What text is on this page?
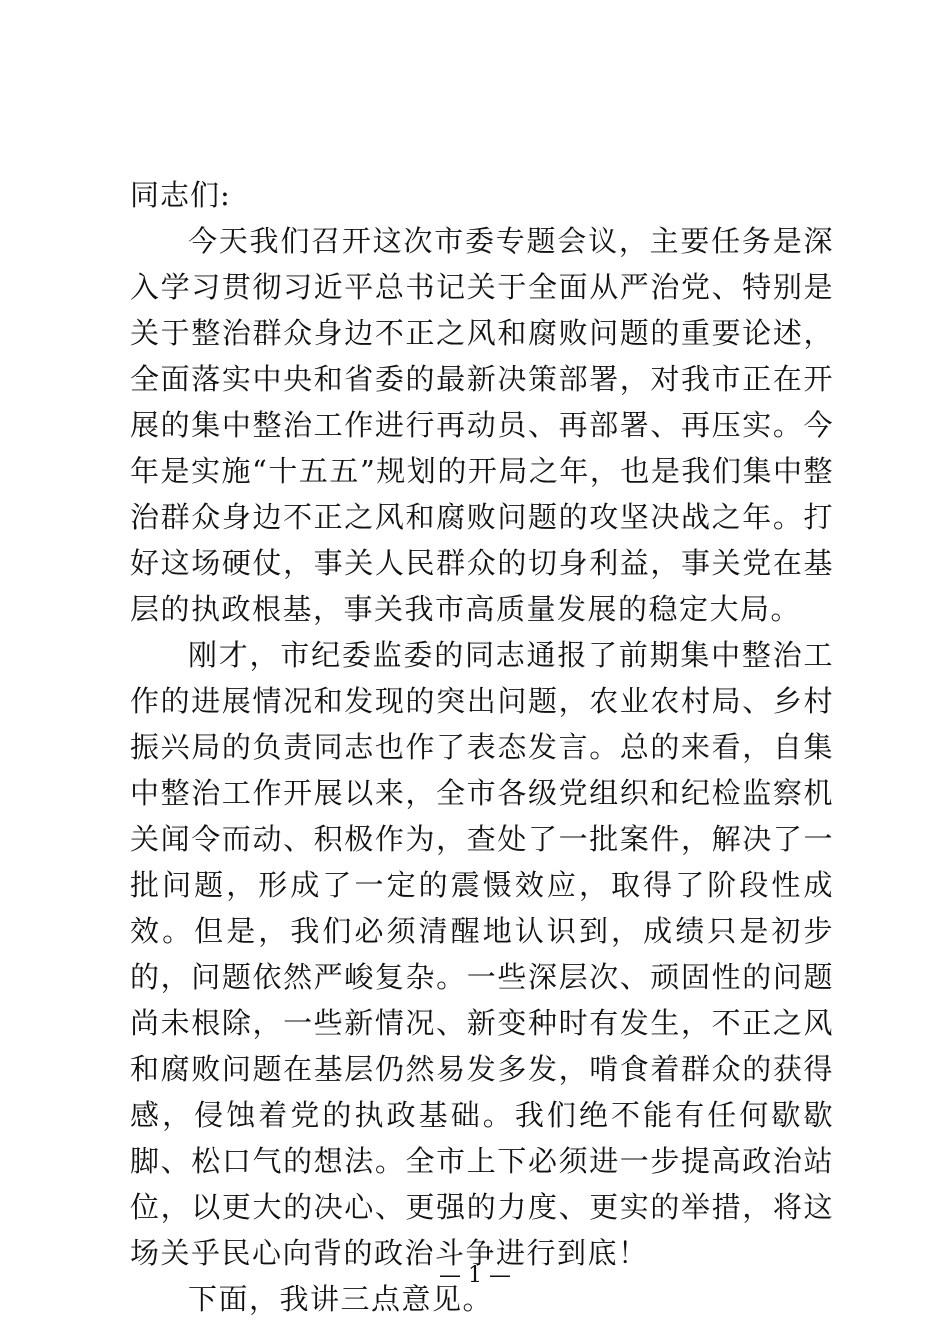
同志们:

今天我们召开这次市委专题会议，主要任务是深入学习贯彻习近平总书记关于全面从严治党、特别是关于整治群众身边不正之风和腐败问题的重要论述，全面落实中央和省委的最新决策部署，对我市正在开展的集中整治工作进行再动员、再部署、再压实。今年是实施“十五五”规划的开局之年，也是我们集中整治群众身边不正之风和腐败问题的攻坚决战之年。打好这场硬仗，事关人民群众的切身利益，事关党在基层的执政根基，事关我市高质量发展的稳定大局。

刚才，市纪委监委的同志通报了前期集中整治工作的进展情况和发现的突出问题，农业农村局、乡村振兴局的负责同志也作了表态发言。总的来看，自集中整治工作开展以来，全市各级党组织和纪检监察机关闻令而动、积极作为，查处了一批案件，解决了一批问题，形成了一定的震慑效应，取得了阶段性成效。但是，我们必须清醒地认识到，成绩只是初步的，问题依然严峻复杂。一些深层次、顽固性的问题尚未根除，一些新情况、新变种时有发生，不正之风和腐败问题在基层仍然易发多发，啃食着群众的获得感，侵蚀着党的执政基础。我们绝不能有任何歇歇脚、松口气的想法。全市上下必须进一步提高政治站位，以更大的决心、更强的力度、更实的举措，将这场关乎民心向背的政治斗争进行到底！

下面，我讲三点意见。

— 1 —
